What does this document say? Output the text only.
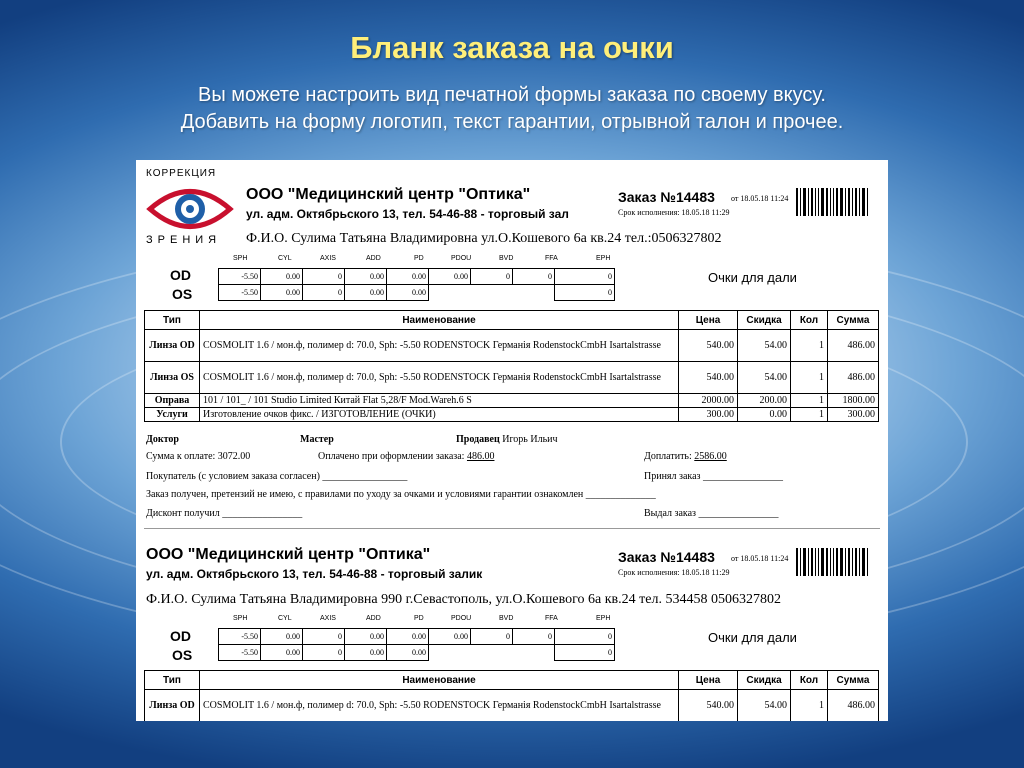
Бланк заказа на очки
Вы можете настроить вид печатной формы заказа по своему вкусу.
Добавить на форму логотип, текст гарантии, отрывной талон и прочее.
КОРРЕКЦИЯ
ЗРЕНИЯ
ООО "Медицинский центр "Оптика"
ул. адм. Октябрьского 13, тел. 54-46-88 - торговый зал
Заказ №14483 от 18.05.18 11:24
Срок исполнения: 18.05.18 11:29
Ф.И.О. Сулима Татьяна Владимировна ул.О.Кошевого 6а кв.24 тел.:0506327802
SPH	CYL	AXIS	ADD	PD	PDOU	BVD	FFA	EPH
OD
OS
-5.50	0.00	0	0.00	0.00	0.00	0	0	0
-5.50	0.00	0	0.00	0.00				0
Очки для дали
Тип	Наименование	Цена	Скидка	Кол	Сумма
Линза OD	COSMOLIT 1.6 / мон.ф, полимер d: 70.0, Sph: -5.50 RODENSTOCK Германія RodenstockCmbH Isartalstrasse	540.00	54.00	1	486.00
Линза OS	COSMOLIT 1.6 / мон.ф, полимер d: 70.0, Sph: -5.50 RODENSTOCK Германія RodenstockCmbH Isartalstrasse	540.00	54.00	1	486.00
Оправа	101 / 101_ / 101 Studio Limited Китай Flat 5,28/F Mod.Wareh.6 S	2000.00	200.00	1	1800.00
Услуги	Изготовление очков фикс. / ИЗГОТОВЛЕНИЕ (ОЧКИ)	300.00	0.00	1	300.00
Доктор	Мастер	Продавец Игорь Ильич
Сумма к оплате: 3072.00	Оплачено при оформлении заказа: 486.00	Доплатить: 2586.00
Покупатель (с условием заказа согласен) _________________	Принял заказ ________________
Заказ получен, претензий не имею, с правилами по уходу за очками и условиями гарантии ознакомлен ______________
Дисконт получил ________________	Выдал заказ ________________
ООО "Медицинский центр "Оптика"
ул. адм. Октябрьского 13, тел. 54-46-88 - торговый залик
Заказ №14483 от 18.05.18 11:24
Срок исполнения: 18.05.18 11:29
Ф.И.О. Сулима Татьяна Владимировна 990 г.Севастополь, ул.О.Кошевого 6а кв.24 тел. 534458 0506327802
SPH	CYL	AXIS	ADD	PD	PDOU	BVD	FFA	EPH
OD
OS
-5.50	0.00	0	0.00	0.00	0.00	0	0	0
-5.50	0.00	0	0.00	0.00				0
Очки для дали
Тип	Наименование	Цена	Скидка	Кол	Сумма
Линза OD	COSMOLIT 1.6 / мон.ф, полимер d: 70.0, Sph: -5.50 RODENSTOCK Германія RodenstockCmbH Isartalstrasse	540.00	54.00	1	486.00
